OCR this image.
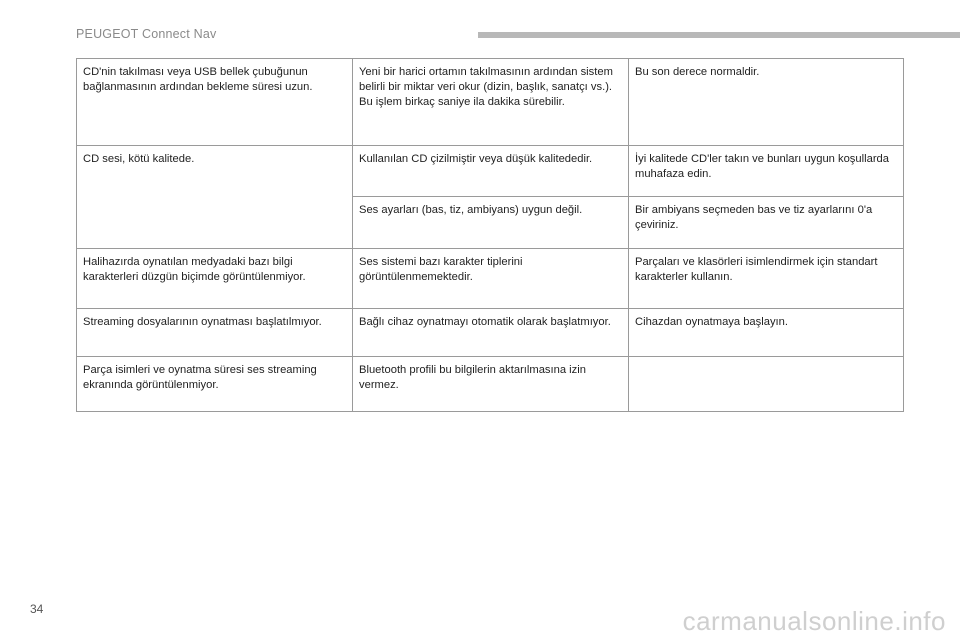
PEUGEOT Connect Nav
CD'nin takılması veya USB bellek çubuğunun bağlanmasının ardından bekleme süresi uzun.	Yeni bir harici ortamın takılmasının ardından sistem belirli bir miktar veri okur (dizin, başlık, sanatçı vs.). Bu işlem birkaç saniye ila dakika sürebilir.	Bu son derece normaldir.
CD sesi, kötü kalitede.	Kullanılan CD çizilmiştir veya düşük kalitededir.	İyi kalitede CD'ler takın ve bunları uygun koşullarda muhafaza edin.
	Ses ayarları (bas, tiz, ambiyans) uygun değil.	Bir ambiyans seçmeden bas ve tiz ayarlarını 0'a çeviriniz.
Halihazırda oynatılan medyadaki bazı bilgi karakterleri düzgün biçimde görüntülenmiyor.	Ses sistemi bazı karakter tiplerini görüntülenmemektedir.	Parçaları ve klasörleri isimlendirmek için standart karakterler kullanın.
Streaming dosyalarının oynatması başlatılmıyor.	Bağlı cihaz oynatmayı otomatik olarak başlatmıyor.	Cihazdan oynatmaya başlayın.
Parça isimleri ve oynatma süresi ses streaming ekranında görüntülenmiyor.	Bluetooth profili bu bilgilerin aktarılmasına izin vermez.	
34	carmanualsonline.info
